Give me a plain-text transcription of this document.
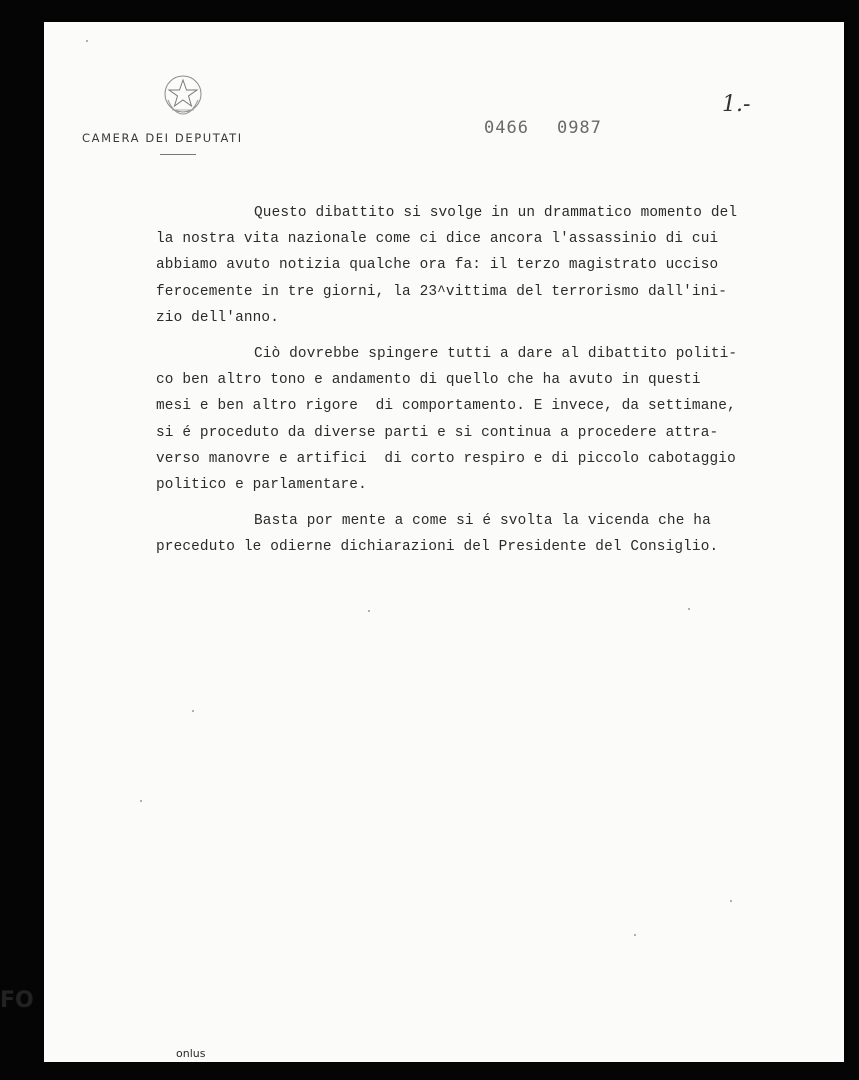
CAMERA DEI DEPUTATI	0466 0987
1.-
Questo dibattito si svolge in un drammatico momento del
la nostra vita nazionale come ci dice ancora l'assassinio di cui
abbiamo avuto notizia qualche ora fa: il terzo magistrato ucciso
ferocemente in tre giorni, la 23^vittima del terrorismo dall'ini-
zio dell'anno.
Ciò dovrebbe spingere tutti a dare al dibattito politi-
co ben altro tono e andamento di quello che ha avuto in questi
mesi e ben altro rigore  di comportamento. E invece, da settimane,
si é proceduto da diverse parti e si continua a procedere attra-
verso manovre e artifici  di corto respiro e di piccolo cabotaggio
politico e parlamentare.
Basta por mente a come si é svolta la vicenda che ha
preceduto le odierne dichiarazioni del Presidente del Consiglio.
FO
onlus
